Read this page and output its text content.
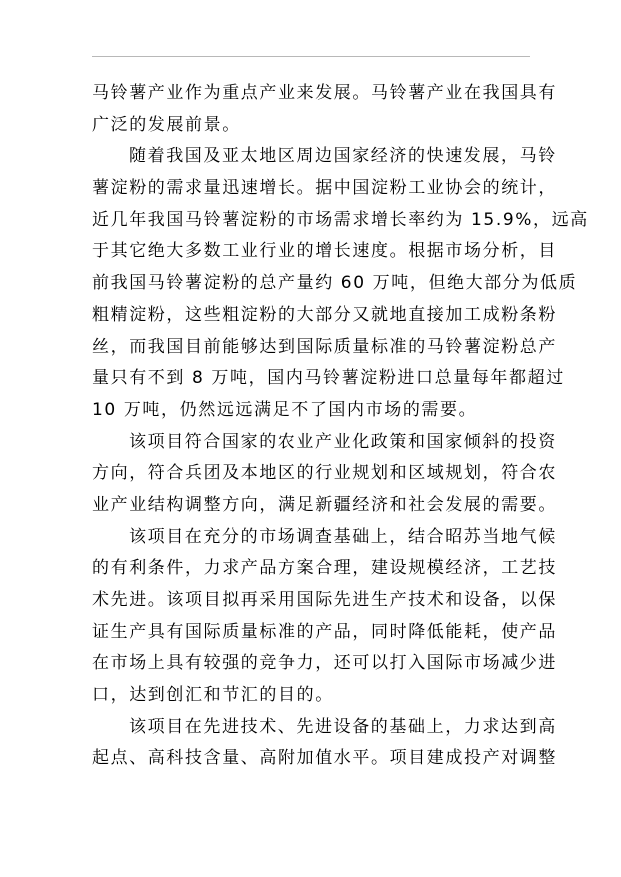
马铃薯产业作为重点产业来发展。马铃薯产业在我国具有
广泛的发展前景。

随着我国及亚太地区周边国家经济的快速发展，马铃
薯淀粉的需求量迅速增长。据中国淀粉工业协会的统计，
近几年我国马铃薯淀粉的市场需求增长率约为 15.9%，远高
于其它绝大多数工业行业的增长速度。根据市场分析，目
前我国马铃薯淀粉的总产量约 60 万吨，但绝大部分为低质
粗精淀粉，这些粗淀粉的大部分又就地直接加工成粉条粉
丝，而我国目前能够达到国际质量标准的马铃薯淀粉总产
量只有不到 8 万吨，国内马铃薯淀粉进口总量每年都超过
10 万吨，仍然远远满足不了国内市场的需要。

该项目符合国家的农业产业化政策和国家倾斜的投资
方向，符合兵团及本地区的行业规划和区域规划，符合农
业产业结构调整方向，满足新疆经济和社会发展的需要。

该项目在充分的市场调查基础上，结合昭苏当地气候
的有利条件，力求产品方案合理，建设规模经济，工艺技
术先进。该项目拟再采用国际先进生产技术和设备，以保
证生产具有国际质量标准的产品，同时降低能耗，使产品
在市场上具有较强的竞争力，还可以打入国际市场减少进
口，达到创汇和节汇的目的。

该项目在先进技术、先进设备的基础上，力求达到高
起点、高科技含量、高附加值水平。项目建成投产对调整
